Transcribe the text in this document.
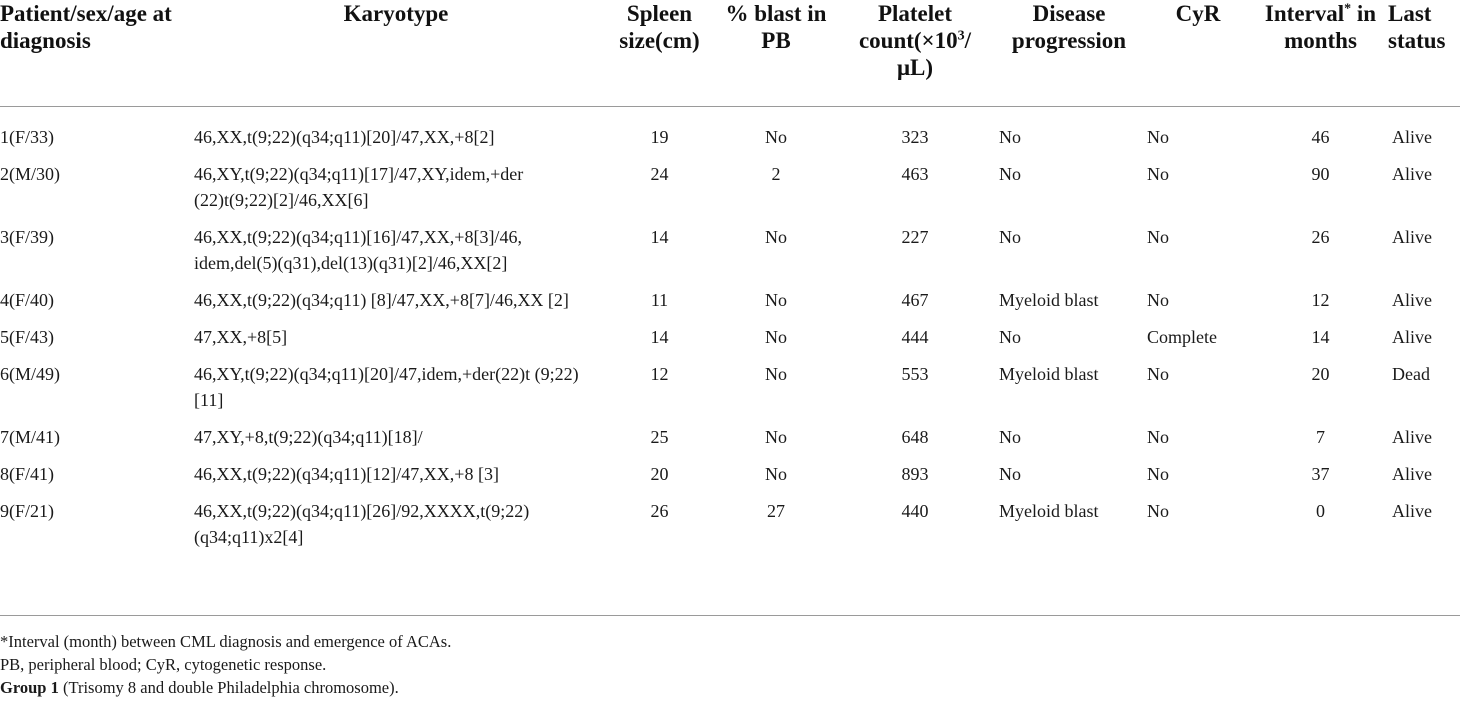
Patient/sex/age at diagnosis	Karyotype	Spleen size(cm)	% blast in PB	Platelet $count(\times 10^3/$ μL)	Disease progression	CyR	Interval* in months	Last status

1(F/33)	46,XX,t(9;22)(q34;q11)[20]/47,XX,+8[2]	19	No	323	No	No	46	Alive
2(M/30)	46,XY,t(9;22)(q34;q11)[17]/47,XY,idem,+der (22)t(9;22)[2]/46,XX[6]	24	2	463	No	No	90	Alive
3(F/39)	46,XX,t(9;22)(q34;q11)[16]/47,XX,+8[3]/46, idem,del(5)(q31),del(13)(q31)[2]/46,XX[2]	14	No	227	No	No	26	Alive
4(F/40)	46,XX,t(9;22)(q34;q11) [8]/47,XX,+8[7]/46,XX [2]	11	No	467	Myeloid blast	No	12	Alive
5(F/43)	47,XX,+8[5]	14	No	444	No	Complete	14	Alive
6(M/49)	46,XY,t(9;22)(q34;q11)[20]/47,idem,+der(22)t (9;22)[11]	12	No	553	Myeloid blast	No	20	Dead
7(M/41)	47,XY,+8,t(9;22)(q34;q11)[18]/	25	No	648	No	No	7	Alive
8(F/41)	46,XX,t(9;22)(q34;q11)[12]/47,XX,+8 [3]	20	No	893	No	No	37	Alive
9(F/21)	46,XX,t(9;22)(q34;q11)[26]/92,XXXX,t(9;22) (q34;q11)x2[4]	26	27	440	Myeloid blast	No	0	Alive
*Interval (month) between CML diagnosis and emergence of ACAs.
PB, peripheral blood; CyR, cytogenetic response.
Group 1 (Trisomy 8 and double Philadelphia chromosome).
